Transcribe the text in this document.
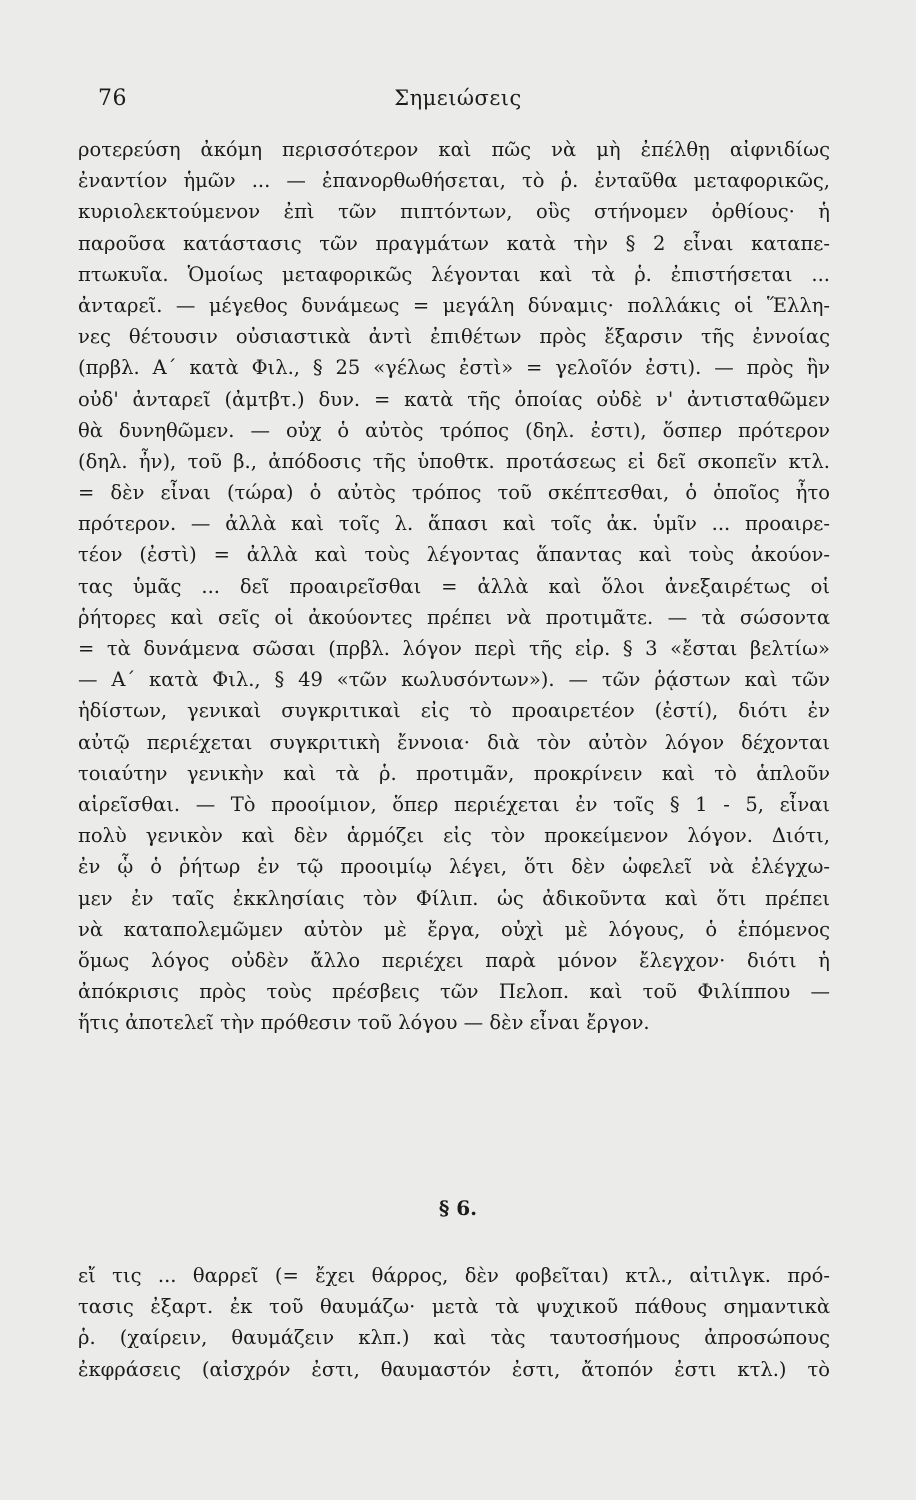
76	Σημειώσεις
ροτερεύση ἀκόμη περισσότερον καὶ πῶς νὰ μὴ ἐπέλθῃ αἰφνιδίως
ἐναντίον ἡμῶν ... — ἐπανορθωθήσεται, τὸ ῥ. ἐνταῦθα μεταφορικῶς,
κυριολεκτούμενον ἐπὶ τῶν πιπτόντων, οὓς στήνομεν ὀρθίους· ἡ
παροῦσα κατάστασις τῶν πραγμάτων κατὰ τὴν § 2 εἶναι καταπε-
πτωκυῖα. Ὁμοίως μεταφορικῶς λέγονται καὶ τὰ ῥ. ἐπιστήσεται ...
ἀνταρεῖ. — μέγεθος δυνάμεως = μεγάλη δύναμις· πολλάκις οἱ Ἕλλη-
νες θέτουσιν οὐσιαστικὰ ἀντὶ ἐπιθέτων πρὸς ἔξαρσιν τῆς ἐννοίας
(πρβλ. Α΄ κατὰ Φιλ., § 25 «γέλως ἐστὶ» = γελοῖόν ἐστι). — πρὸς ἣν
οὐδ' ἀνταρεῖ (ἀμτβτ.) δυν. = κατὰ τῆς ὁποίας οὐδὲ ν' ἀντισταθῶμεν
θὰ δυνηθῶμεν. — οὐχ ὁ αὐτὸς τρόπος (δηλ. ἐστι), ὅσπερ πρότερον
(δηλ. ἦν), τοῦ β., ἀπόδοσις τῆς ὑποθτκ. προτάσεως εἰ δεῖ σκοπεῖν κτλ.
= δὲν εἶναι (τώρα) ὁ αὐτὸς τρόπος τοῦ σκέπτεσθαι, ὁ ὁποῖος ἦτο
πρότερον. — ἀλλὰ καὶ τοῖς λ. ἅπασι καὶ τοῖς ἀκ. ὑμῖν ... προαιρε-
τέον (ἐστὶ) = ἀλλὰ καὶ τοὺς λέγοντας ἅπαντας καὶ τοὺς ἀκούον-
τας ὑμᾶς ... δεῖ προαιρεῖσθαι = ἀλλὰ καὶ ὅλοι ἀνεξαιρέτως οἱ
ῥήτορες καὶ σεῖς οἱ ἀκούοντες πρέπει νὰ προτιμᾶτε. — τὰ σώσοντα
= τὰ δυνάμενα σῶσαι (πρβλ. λόγον περὶ τῆς εἰρ. § 3 «ἔσται βελτίω»
— Α΄ κατὰ Φιλ., § 49 «τῶν κωλυσόντων»). — τῶν ῥᾴστων καὶ τῶν
ἡδίστων, γενικαὶ συγκριτικαὶ εἰς τὸ προαιρετέον (ἐστί), διότι ἐν
αὐτῷ περιέχεται συγκριτικὴ ἔννοια· διὰ τὸν αὐτὸν λόγον δέχονται
τοιαύτην γενικὴν καὶ τὰ ῥ. προτιμᾶν, προκρίνειν καὶ τὸ ἁπλοῦν
αἱρεῖσθαι. — Τὸ προοίμιον, ὅπερ περιέχεται ἐν τοῖς § 1 - 5, εἶναι
πολὺ γενικὸν καὶ δὲν ἁρμόζει εἰς τὸν προκείμενον λόγον. Διότι,
ἐν ᾧ ὁ ῥήτωρ ἐν τῷ προοιμίῳ λέγει, ὅτι δὲν ὠφελεῖ νὰ ἐλέγχω-
μεν ἐν ταῖς ἐκκλησίαις τὸν Φίλιπ. ὡς ἀδικοῦντα καὶ ὅτι πρέπει
νὰ καταπολεμῶμεν αὐτὸν μὲ ἔργα, οὐχὶ μὲ λόγους, ὁ ἑπόμενος
ὅμως λόγος οὐδὲν ἄλλο περιέχει παρὰ μόνον ἔλεγχον· διότι ἡ
ἀπόκρισις πρὸς τοὺς πρέσβεις τῶν Πελοπ. καὶ τοῦ Φιλίππου —
ἥτις ἀποτελεῖ τὴν πρόθεσιν τοῦ λόγου — δὲν εἶναι ἔργον.
§ 6.
εἴ τις ... θαρρεῖ (= ἔχει θάρρος, δὲν φοβεῖται) κτλ., αἰτιλγκ. πρό-
τασις ἐξαρτ. ἐκ τοῦ θαυμάζω· μετὰ τὰ ψυχικοῦ πάθους σημαντικὰ
ῥ. (χαίρειν, θαυμάζειν κλπ.) καὶ τὰς ταυτοσήμους ἀπροσώπους
ἐκφράσεις (αἰσχρόν ἐστι, θαυμαστόν ἐστι, ἄτοπόν ἐστι κτλ.) τὸ
